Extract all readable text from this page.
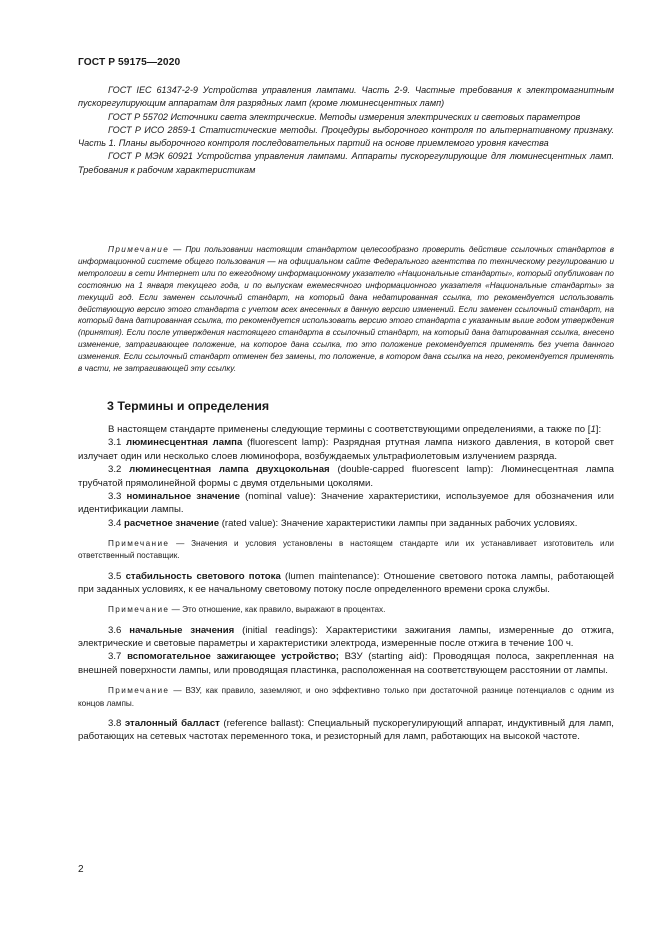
ГОСТ Р 59175—2020

ГОСТ IEC 61347-2-9 Устройства управления лампами. Часть 2-9. Частные требования к электромагнитным пускорегулирующим аппаратам для разрядных ламп (кроме люминесцентных ламп)

ГОСТ Р 55702 Источники света электрические. Методы измерения электрических и световых параметров

ГОСТ Р ИСО 2859-1 Статистические методы. Процедуры выборочного контроля по альтернативному признаку. Часть 1. Планы выборочного контроля последовательных партий на основе приемлемого уровня качества

ГОСТ Р МЭК 60921 Устройства управления лампами. Аппараты пускорегулирующие для люминесцентных ламп. Требования к рабочим характеристикам

Примечание — При пользовании настоящим стандартом целесообразно проверить действие ссылочных стандартов в информационной системе общего пользования — на официальном сайте Федерального агентства по техническому регулированию и метрологии в сети Интернет или по ежегодному информационному указателю «Национальные стандарты», который опубликован по состоянию на 1 января текущего года, и по выпускам ежемесячного информационного указателя «Национальные стандарты» за текущий год. Если заменен ссылочный стандарт, на который дана недатированная ссылка, то рекомендуется использовать действующую версию этого стандарта с учетом всех внесенных в данную версию изменений. Если заменен ссылочный стандарт, на который дана датированная ссылка, то рекомендуется использовать версию этого стандарта с указанным выше годом утверждения (принятия). Если после утверждения настоящего стандарта в ссылочный стандарт, на который дана датированная ссылка, внесено изменение, затрагивающее положение, на которое дана ссылка, то это положение рекомендуется применять без учета данного изменения. Если ссылочный стандарт отменен без замены, то положение, в котором дана ссылка на него, рекомендуется применять в части, не затрагивающей эту ссылку.

3 Термины и определения

В настоящем стандарте применены следующие термины с соответствующими определениями, а также по [1]:

3.1 люминесцентная лампа (fluorescent lamp): Разрядная ртутная лампа низкого давления, в которой свет излучает один или несколько слоев люминофора, возбуждаемых ультрафиолетовым излучением разряда.

3.2 люминесцентная лампа двухцокольная (double-capped fluorescent lamp): Люминесцентная лампа трубчатой прямолинейной формы с двумя отдельными цоколями.

3.3 номинальное значение (nominal value): Значение характеристики, используемое для обозначения или идентификации лампы.

3.4 расчетное значение (rated value): Значение характеристики лампы при заданных рабочих условиях.

Примечание — Значения и условия установлены в настоящем стандарте или их устанавливает изготовитель или ответственный поставщик.

3.5 стабильность светового потока (lumen maintenance): Отношение светового потока лампы, работающей при заданных условиях, к ее начальному световому потоку после определенного времени срока службы.

Примечание — Это отношение, как правило, выражают в процентах.

3.6 начальные значения (initial readings): Характеристики зажигания лампы, измеренные до отжига, электрические и световые параметры и характеристики электрода, измеренные после отжига в течение 100 ч.

3.7 вспомогательное зажигающее устройство; ВЗУ (starting aid): Проводящая полоса, закрепленная на внешней поверхности лампы, или проводящая пластинка, расположенная на соответствующем расстоянии от лампы.

Примечание — ВЗУ, как правило, заземляют, и оно эффективно только при достаточной разнице потенциалов с одним из концов лампы.

3.8 эталонный балласт (reference ballast): Специальный пускорегулирующий аппарат, индуктивный для ламп, работающих на сетевых частотах переменного тока, и резисторный для ламп, работающих на высокой частоте.

2
